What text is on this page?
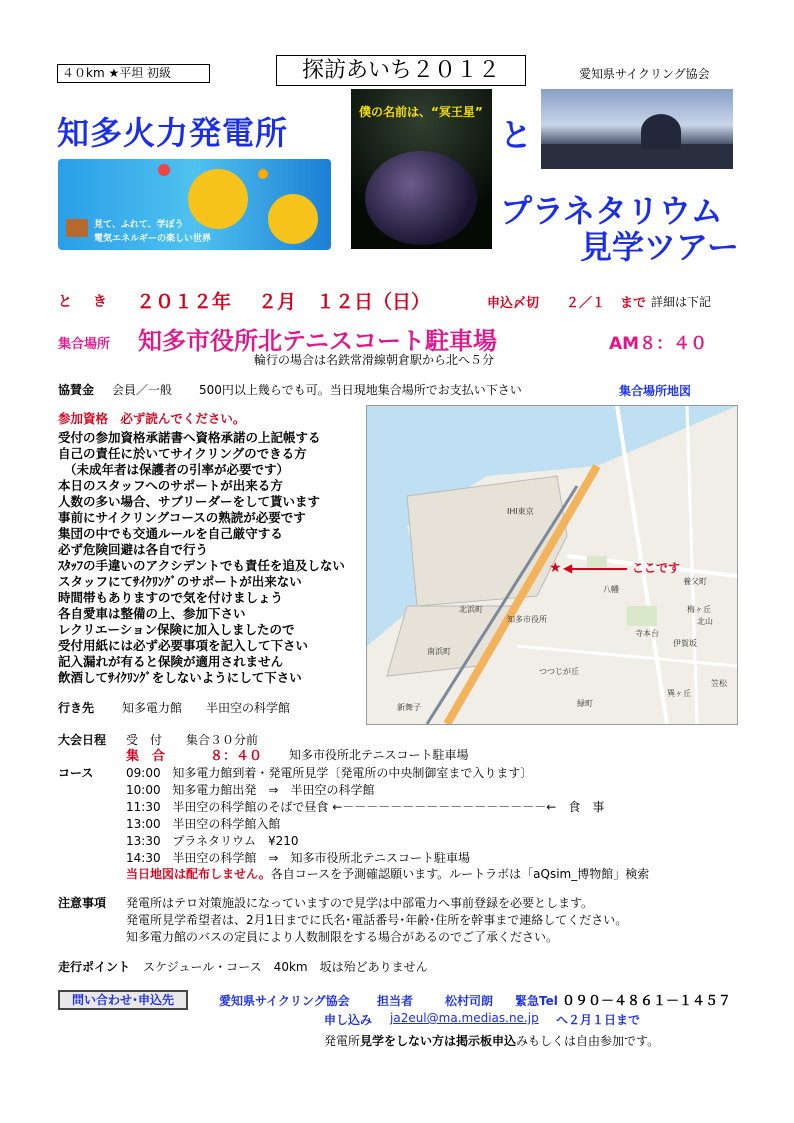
４０km ★平坦 初級	探訪あいち２０１２	愛知県サイクリング協会
知多火力発電所	と
プラネタリウム
見学ツアー
見て、ふれて、学ぼう
電気エネルギーの楽しい世界
僕の名前は、“冥王星”
と き ２０１２年 ２月 １２日（日）	申込〆切 ２／１ まで 詳細は下記
集合場所 知多市役所北テニスコート駐車場	AM８：４０
輪行の場合は名鉄常滑線朝倉駅から北へ５分
協賛金 会員／一般 500円以上幾らでも可。当日現地集合場所でお支払い下さい	集合場所地図
参加資格 必ず読んでください。
受付の参加資格承諾書へ資格承諾の上記帳する
自己の責任に於いてサイクリングのできる方
（未成年者は保護者の引率が必要です）
本日のスタッフへのサポートが出来る方
人数の多い場合、サブリーダーをして貰います
事前にサイクリングコースの熟読が必要です
集団の中でも交通ルールを自己厳守する
必ず危険回避は各自で行う
ｽﾀｯﾌの手違いのアクシデントでも責任を追及しない
スタッフにてｻｲｸﾘﾝｸﾞのサポートが出来ない
時間帯もありますので気を付けましょう
各自愛車は整備の上、参加下さい
レクリエーション保険に加入しましたので
受付用紙には必ず必要事項を記入して下さい
記入漏れが有ると保険が適用されません
飲酒してｻｲｸﾘﾝｸﾞをしないようにして下さい
★ ◀	ここです
IHI東京
八幡
北浜町
南浜町
寺本台
つつじが丘
緑町
知多市役所
新舞子
巽ヶ丘
伊賀坂
笠松
梅ヶ丘
北山
養父町
行き先 知多電力館　　半田空の科学館
大会日程 受　付　　集合３０分前
集　合	８：４０ 知多市役所北テニスコート駐車場
コース	09:00 知多電力館到着・発電所見学〔発電所の中央制御室まで入ります〕
10:00 知多電力館出発　⇒　半田空の科学館
11:30 半田空の科学館のそばで昼食 ←－－－－－－－－－－－－－－－－－←　食　事
13:00 半田空の科学館入館
13:30 プラネタリウム　¥210
14:30 半田空の科学館　⇒　知多市役所北テニスコート駐車場
当日地図は配布しません。各自コースを予測確認願います。ルートラボは「aQsim_博物館」検索
注意事項 発電所はテロ対策施設になっていますので見学は中部電力へ事前登録を必要とします。
発電所見学希望者は、2月1日までに氏名･電話番号･年齢･住所を幹事まで連絡してください。
知多電力館のバスの定員により人数制限をする場合があるのでご了承ください。
走行ポイント スケジュール・コース　40km　坂は殆どありません
問い合わせ･申込先	愛知県サイクリング協会 担当者	松村司朗 緊急Tel ０９０－４８６１－１４５７
申し込み ja2eul@ma.medias.ne.jp へ２月１日まで
発電所見学をしない方は掲示板申込みもしくは自由参加です。
